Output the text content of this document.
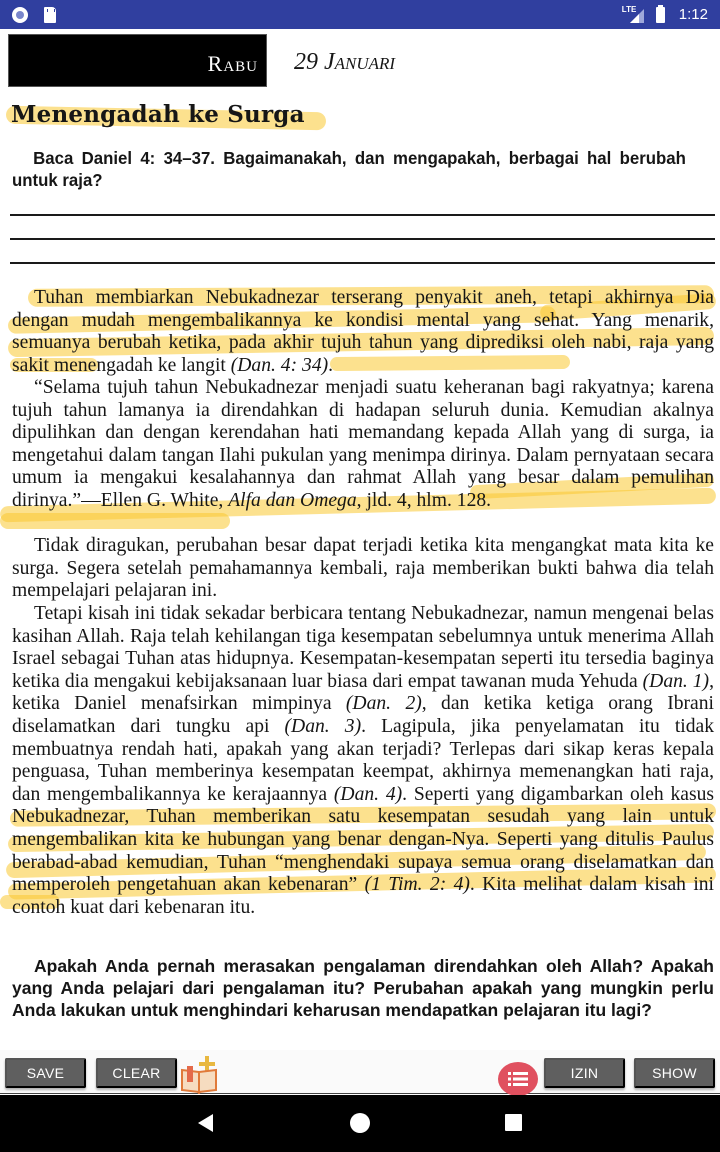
LTE	1:12
Rabu 29 Januari
Menengadah ke Surga

Baca Daniel 4: 34–37. Bagaimanakah, dan mengapakah, berbagai hal berubah untuk raja?

Tuhan membiarkan Nebukadnezar terserang penyakit aneh, tetapi akhirnya Dia dengan mudah mengembalikannya ke kondisi mental yang sehat. Yang menarik, semuanya berubah ketika, pada akhir tujuh tahun yang diprediksi oleh nabi, raja yang sakit menengadah ke langit (Dan. 4: 34).

“Selama tujuh tahun Nebukadnezar menjadi suatu keheranan bagi rakyatnya; karena tujuh tahun lamanya ia direndahkan di hadapan seluruh dunia. Kemudian akalnya dipulihkan dan dengan kerendahan hati memandang kepada Allah yang di surga, ia mengetahui dalam tangan Ilahi pukulan yang menimpa dirinya. Dalam pernyataan secara umum ia mengakui kesalahannya dan rahmat Allah yang besar dalam pemulihan dirinya.”—Ellen G. White, Alfa dan Omega, jld. 4, hlm. 128.

Tidak diragukan, perubahan besar dapat terjadi ketika kita mengangkat mata kita ke surga. Segera setelah pemahamannya kembali, raja memberikan bukti bahwa dia telah mempelajari pelajaran ini.

Tetapi kisah ini tidak sekadar berbicara tentang Nebukadnezar, namun mengenai belas kasihan Allah. Raja telah kehilangan tiga kesempatan sebelumnya untuk menerima Allah Israel sebagai Tuhan atas hidupnya. Kesempatan-kesempatan seperti itu tersedia baginya ketika dia mengakui kebijaksanaan luar biasa dari empat tawanan muda Yehuda (Dan. 1), ketika Daniel menafsirkan mimpinya (Dan. 2), dan ketika ketiga orang Ibrani diselamatkan dari tungku api (Dan. 3). Lagipula, jika penyelamatan itu tidak membuatnya rendah hati, apakah yang akan terjadi? Terlepas dari sikap keras kepala penguasa, Tuhan memberinya kesempatan keempat, akhirnya memenangkan hati raja, dan mengembalikannya ke kerajaannya (Dan. 4). Seperti yang digambarkan oleh kasus Nebukadnezar, Tuhan memberikan satu kesempatan sesudah yang lain untuk mengembalikan kita ke hubungan yang benar dengan-Nya. Seperti yang ditulis Paulus berabad-abad kemudian, Tuhan “menghendaki supaya semua orang diselamatkan dan memperoleh pengetahuan akan kebenaran” (1 Tim. 2: 4). Kita melihat dalam kisah ini contoh kuat dari kebenaran itu.

Apakah Anda pernah merasakan pengalaman direndahkan oleh Allah? Apakah yang Anda pelajari dari pengalaman itu? Perubahan apakah yang mungkin perlu Anda lakukan untuk menghindari keharusan mendapatkan pelajaran itu lagi?

SAVE	CLEAR	IZIN	SHOW
